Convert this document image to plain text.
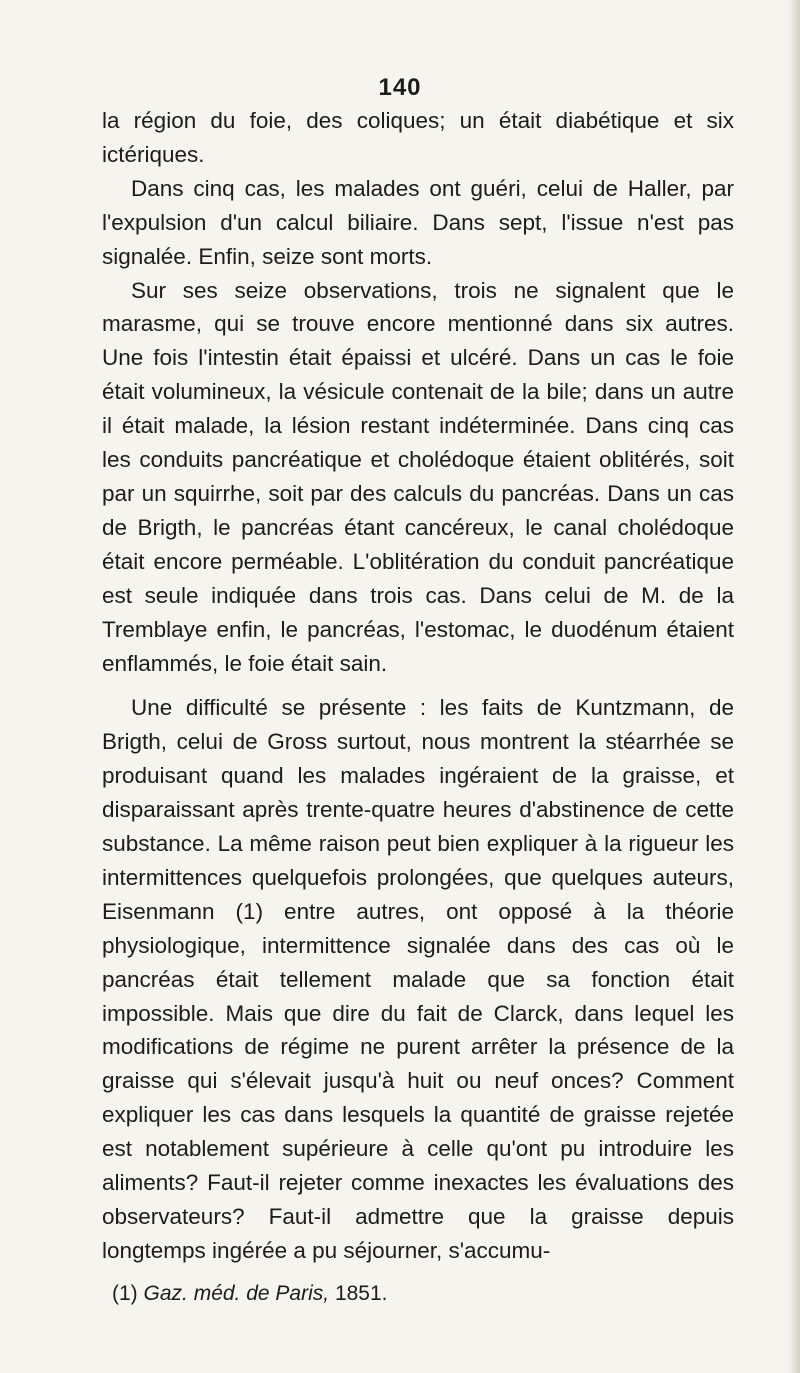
140

la région du foie, des coliques; un était diabétique et six ictériques.

Dans cinq cas, les malades ont guéri, celui de Haller, par l'expulsion d'un calcul biliaire. Dans sept, l'issue n'est pas signalée. Enfin, seize sont morts.

Sur ses seize observations, trois ne signalent que le marasme, qui se trouve encore mentionné dans six autres. Une fois l'intestin était épaissi et ulcéré. Dans un cas le foie était volumineux, la vésicule contenait de la bile; dans un autre il était malade, la lésion restant indéterminée. Dans cinq cas les conduits pancréatique et cholédoque étaient oblitérés, soit par un squirrhe, soit par des calculs du pancréas. Dans un cas de Brigth, le pancréas étant cancéreux, le canal cholédoque était encore perméable. L'oblitération du conduit pancréatique est seule indiquée dans trois cas. Dans celui de M. de la Tremblaye enfin, le pancréas, l'estomac, le duodénum étaient enflammés, le foie était sain.

Une difficulté se présente : les faits de Kuntzmann, de Brigth, celui de Gross surtout, nous montrent la stéarrhée se produisant quand les malades ingéraient de la graisse, et disparaissant après trente-quatre heures d'abstinence de cette substance. La même raison peut bien expliquer à la rigueur les intermittences quelquefois prolongées, que quelques auteurs, Eisenmann (1) entre autres, ont opposé à la théorie physiologique, intermittence signalée dans des cas où le pancréas était tellement malade que sa fonction était impossible. Mais que dire du fait de Clarck, dans lequel les modifications de régime ne purent arrêter la présence de la graisse qui s'élevait jusqu'à huit ou neuf onces? Comment expliquer les cas dans lesquels la quantité de graisse rejetée est notablement supérieure à celle qu'ont pu introduire les aliments? Faut-il rejeter comme inexactes les évaluations des observateurs? Faut-il admettre que la graisse depuis longtemps ingérée a pu séjourner, s'accumu-

(1) Gaz. méd. de Paris, 1851.
